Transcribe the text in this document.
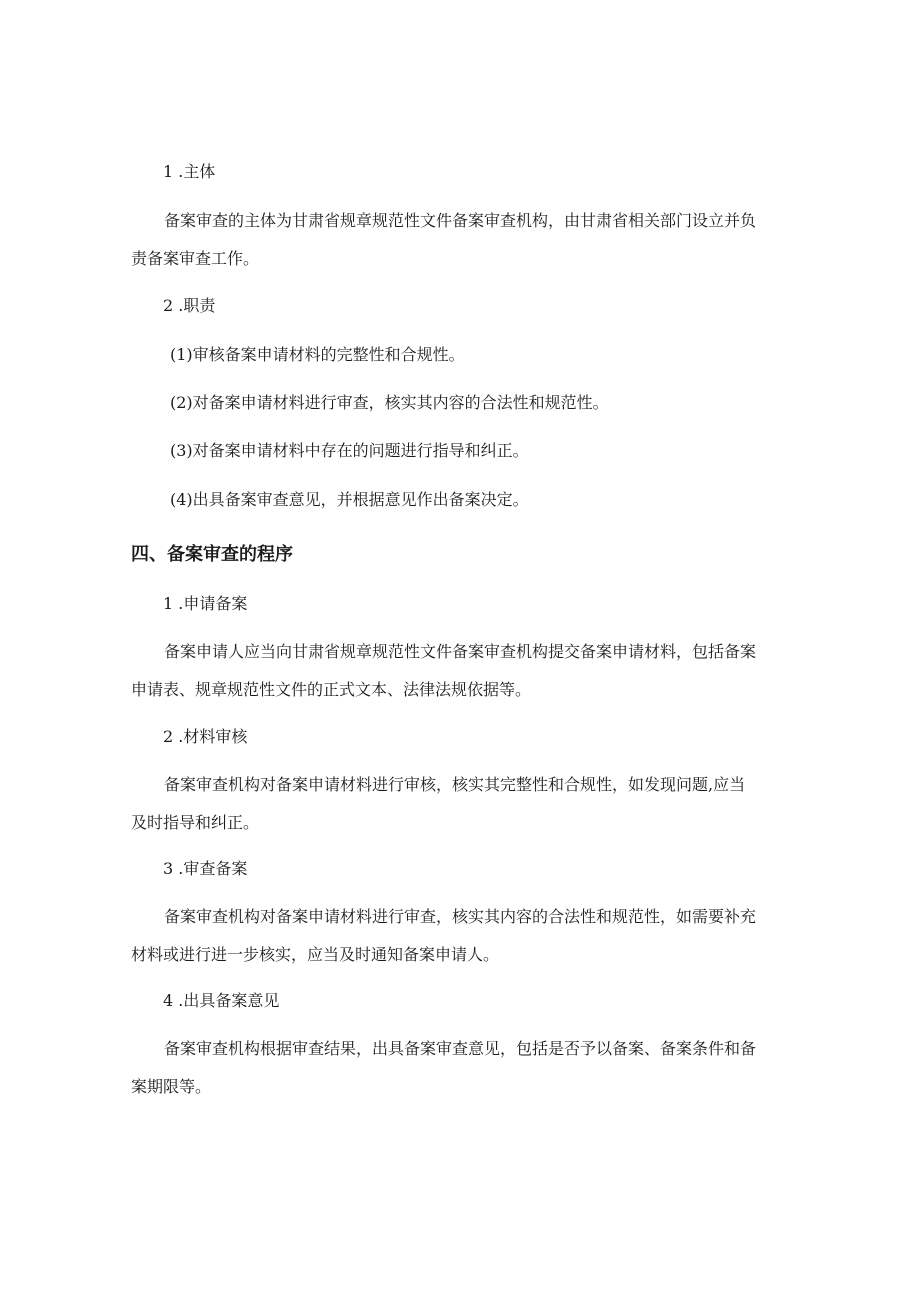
1 .主体

备案审查的主体为甘肃省规章规范性文件备案审查机构，由甘肃省相关部门设立并负
责备案审查工作。

2 .职责

(1)审核备案申请材料的完整性和合规性。

(2)对备案申请材料进行审查，核实其内容的合法性和规范性。

(3)对备案申请材料中存在的问题进行指导和纠正。

(4)出具备案审查意见，并根据意见作出备案决定。

四、备案审查的程序

1 .申请备案

备案申请人应当向甘肃省规章规范性文件备案审查机构提交备案申请材料，包括备案
申请表、规章规范性文件的正式文本、法律法规依据等。

2 .材料审核

备案审查机构对备案申请材料进行审核，核实其完整性和合规性，如发现问题,应当
及时指导和纠正。

3 .审查备案

备案审查机构对备案申请材料进行审查，核实其内容的合法性和规范性，如需要补充
材料或进行进一步核实，应当及时通知备案申请人。

4 .出具备案意见

备案审查机构根据审查结果，出具备案审查意见，包括是否予以备案、备案条件和备
案期限等。
